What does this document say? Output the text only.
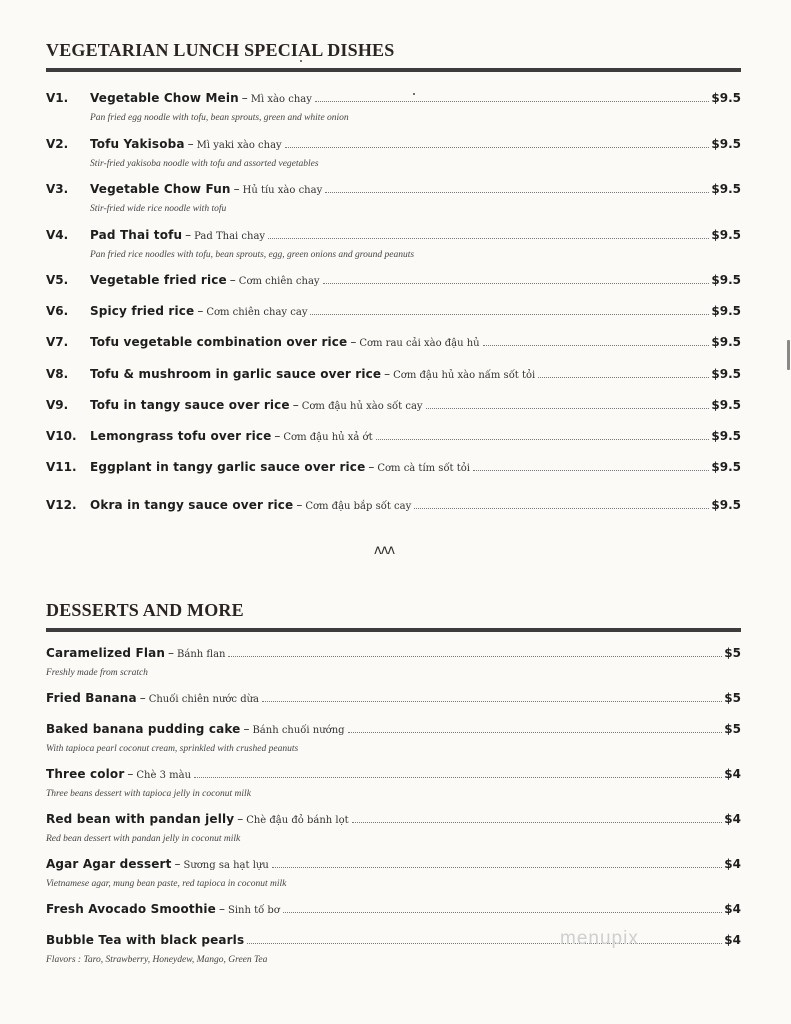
VEGETARIAN LUNCH SPECIAL DISHES
V1.	Vegetable Chow Mein – Mì xào chay	$9.5
Pan fried egg noodle with tofu, bean sprouts, green and white onion
V2.	Tofu Yakisoba – Mì yaki xào chay	$9.5
Stir-fried yakisoba noodle with tofu and assorted vegetables
V3.	Vegetable Chow Fun – Hủ tíu xào chay	$9.5
Stir-fried wide rice noodle with tofu
V4.	Pad Thai tofu – Pad Thai chay	$9.5
Pan fried rice noodles with tofu, bean sprouts, egg, green onions and ground peanuts
V5.	Vegetable fried rice – Cơm chiên chay	$9.5
V6.	Spicy fried rice – Cơm chiên chay cay	$9.5
V7.	Tofu vegetable combination over rice – Cơm rau cải xào đậu hủ	$9.5
V8.	Tofu & mushroom in garlic sauce over rice – Cơm đậu hủ xào nấm sốt tỏi	$9.5
V9.	Tofu in tangy sauce over rice – Cơm đậu hủ xào sốt cay	$9.5
V10.	Lemongrass tofu over rice – Cơm đậu hủ xả ớt	$9.5
V11.	Eggplant in tangy garlic sauce over rice – Cơm cà tím sốt tỏi	$9.5
V12.	Okra in tangy sauce over rice – Cơm đậu bắp sốt cay	$9.5
ʌʌʌ
DESSERTS AND MORE
Caramelized Flan – Bánh flan	$5
Freshly made from scratch
Fried Banana – Chuối chiên nước dừa	$5
Baked banana pudding cake – Bánh chuối nướng	$5
With tapioca pearl coconut cream, sprinkled with crushed peanuts
Three color – Chè 3 màu	$4
Three beans dessert with tapioca jelly in coconut milk
Red bean with pandan jelly – Chè đậu đỏ bánh lọt	$4
Red bean dessert with pandan jelly in coconut milk
Agar Agar dessert – Sương sa hạt lựu	$4
Vietnamese agar, mung bean paste, red tapioca in coconut milk
Fresh Avocado Smoothie – Sinh tố bơ	$4
Bubble Tea with black pearls	$4
Flavors : Taro, Strawberry, Honeydew, Mango, Green Tea
menupix
